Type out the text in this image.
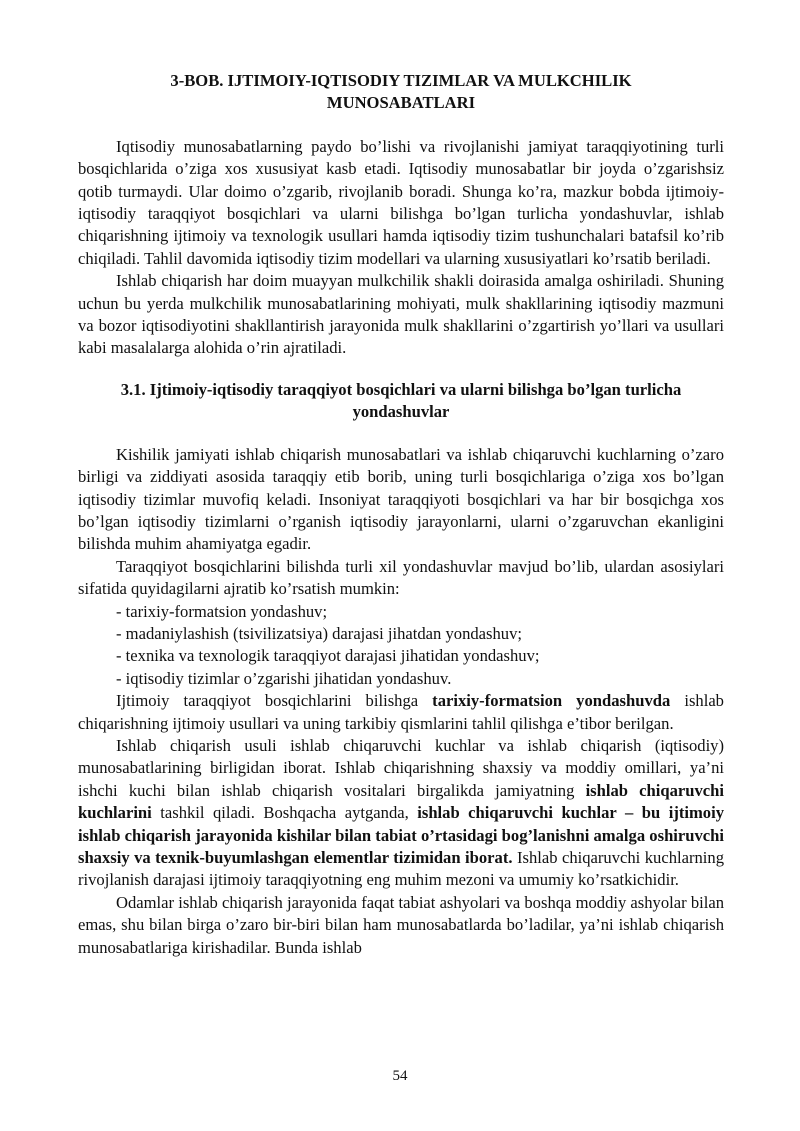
3-BOB. IJTIMOIY-IQTISODIY TIZIMLAR VA MULKCHILIK
MUNOSABATLARI

Iqtisodiy munosabatlarning paydo bo’lishi va rivojlanishi jamiyat taraqqiyotining turli bosqichlarida o’ziga xos xususiyat kasb etadi. Iqtisodiy munosabatlar bir joyda o’zgarishsiz qotib turmaydi. Ular doimo o’zgarib, rivojlanib boradi. Shunga ko’ra, mazkur bobda ijtimoiy-iqtisodiy taraqqiyot bosqichlari va ularni bilishga bo’lgan turlicha yondashuvlar, ishlab chiqarishning ijtimoiy va texnologik usullari hamda iqtisodiy tizim tushunchalari batafsil ko’rib chiqiladi. Tahlil davomida iqtisodiy tizim modellari va ularning xususiyatlari ko’rsatib beriladi.

Ishlab chiqarish har doim muayyan mulkchilik shakli doirasida amalga oshiriladi. Shuning uchun bu yerda mulkchilik munosabatlarining mohiyati, mulk shakllarining iqtisodiy mazmuni va bozor iqtisodiyotini shakllantirish jarayonida mulk shakllarini o’zgartirish yo’llari va usullari kabi masalalarga alohida o’rin ajratiladi.

3.1. Ijtimoiy-iqtisodiy taraqqiyot bosqichlari va ularni bilishga bo’lgan turlicha
yondashuvlar

Kishilik jamiyati ishlab chiqarish munosabatlari va ishlab chiqaruvchi kuchlarning o’zaro birligi va ziddiyati asosida taraqqiy etib borib, uning turli bosqichlariga o’ziga xos bo’lgan iqtisodiy tizimlar muvofiq keladi. Insoniyat taraqqiyoti bosqichlari va har bir bosqichga xos bo’lgan iqtisodiy tizimlarni o’rganish iqtisodiy jarayonlarni, ularni o’zgaruvchan ekanligini bilishda muhim ahamiyatga egadir.

Taraqqiyot bosqichlarini bilishda turli xil yondashuvlar mavjud bo’lib, ulardan asosiylari sifatida quyidagilarni ajratib ko’rsatish mumkin:

- tarixiy-formatsion yondashuv;
- madaniylashish (tsivilizatsiya) darajasi jihatdan yondashuv;
- texnika va texnologik taraqqiyot darajasi jihatidan yondashuv;
- iqtisodiy tizimlar o’zgarishi jihatidan yondashuv.

Ijtimoiy taraqqiyot bosqichlarini bilishga tarixiy-formatsion yondashuvda ishlab chiqarishning ijtimoiy usullari va uning tarkibiy qismlarini tahlil qilishga e’tibor berilgan.

Ishlab chiqarish usuli ishlab chiqaruvchi kuchlar va ishlab chiqarish (iqtisodiy) munosabatlarining birligidan iborat. Ishlab chiqarishning shaxsiy va moddiy omillari, ya’ni ishchi kuchi bilan ishlab chiqarish vositalari birgalikda jamiyatning ishlab chiqaruvchi kuchlarini tashkil qiladi. Boshqacha aytganda, ishlab chiqaruvchi kuchlar – bu ijtimoiy ishlab chiqarish jarayonida kishilar bilan tabiat o’rtasidagi bog’lanishni amalga oshiruvchi shaxsiy va texnik-buyumlashgan elementlar tizimidan iborat. Ishlab chiqaruvchi kuchlarning rivojlanish darajasi ijtimoiy taraqqiyotning eng muhim mezoni va umumiy ko’rsatkichidir.

Odamlar ishlab chiqarish jarayonida faqat tabiat ashyolari va boshqa moddiy ashyolar bilan emas, shu bilan birga o’zaro bir-biri bilan ham munosabatlarda bo’ladilar, ya’ni ishlab chiqarish munosabatlariga kirishadilar. Bunda ishlab

54
